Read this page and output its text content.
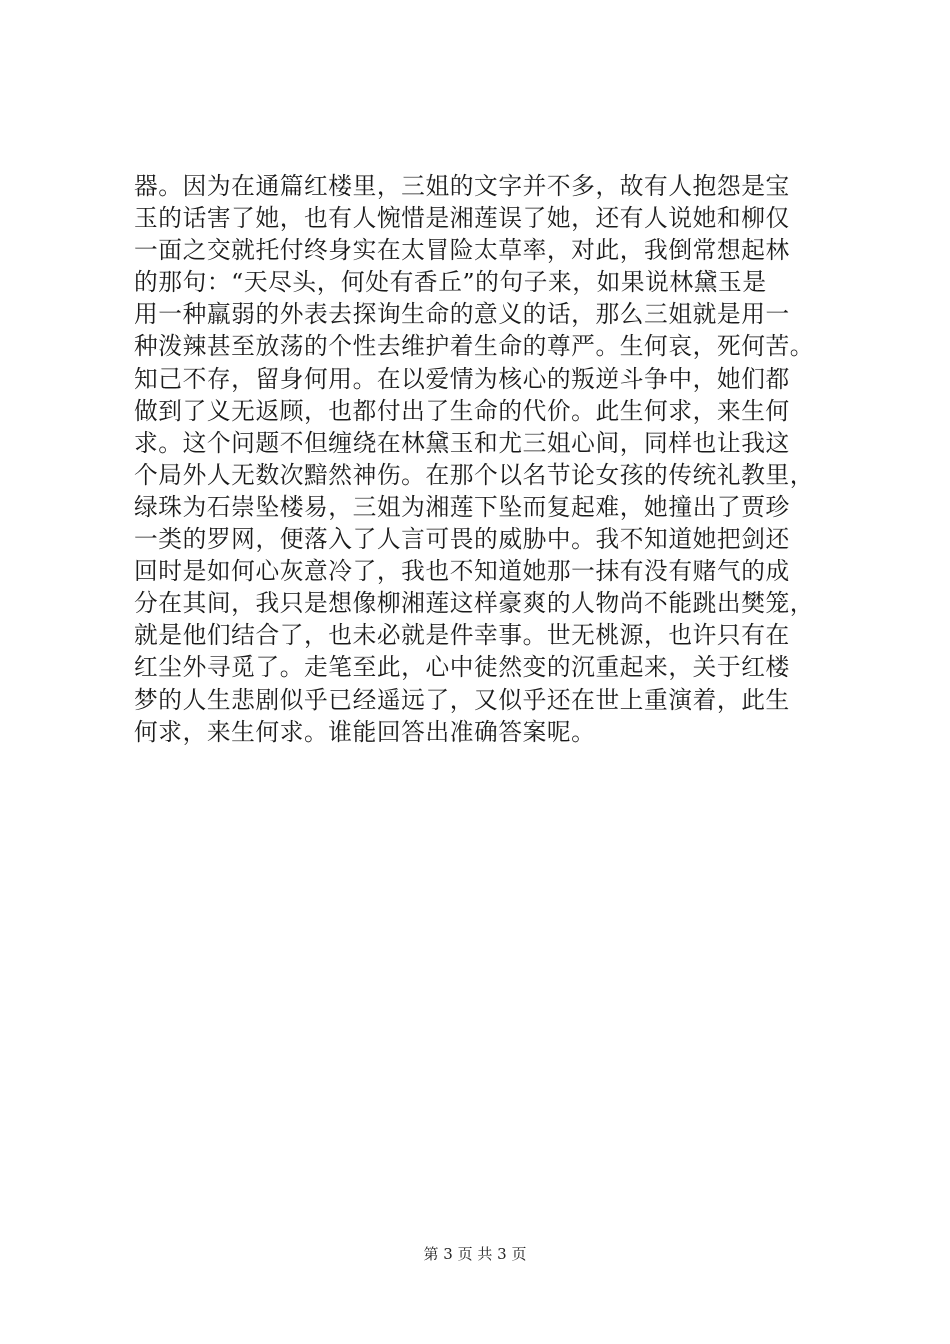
器。因为在通篇红楼里，三姐的文字并不多，故有人抱怨是宝
玉的话害了她，也有人惋惜是湘莲误了她，还有人说她和柳仅
一面之交就托付终身实在太冒险太草率，对此，我倒常想起林
的那句：“天尽头，何处有香丘”的句子来，如果说林黛玉是
用一种羸弱的外表去探询生命的意义的话，那么三姐就是用一
种泼辣甚至放荡的个性去维护着生命的尊严。生何哀，死何苦。
知己不存，留身何用。在以爱情为核心的叛逆斗争中，她们都
做到了义无返顾，也都付出了生命的代价。此生何求，来生何
求。这个问题不但缠绕在林黛玉和尤三姐心间，同样也让我这
个局外人无数次黯然神伤。在那个以名节论女孩的传统礼教里，
绿珠为石崇坠楼易，三姐为湘莲下坠而复起难，她撞出了贾珍
一类的罗网，便落入了人言可畏的威胁中。我不知道她把剑还
回时是如何心灰意冷了，我也不知道她那一抹有没有赌气的成
分在其间，我只是想像柳湘莲这样豪爽的人物尚不能跳出樊笼，
就是他们结合了，也未必就是件幸事。世无桃源，也许只有在
红尘外寻觅了。走笔至此，心中徒然变的沉重起来，关于红楼
梦的人生悲剧似乎已经遥远了，又似乎还在世上重演着，此生
何求，来生何求。谁能回答出准确答案呢。
第 3 页 共 3 页
